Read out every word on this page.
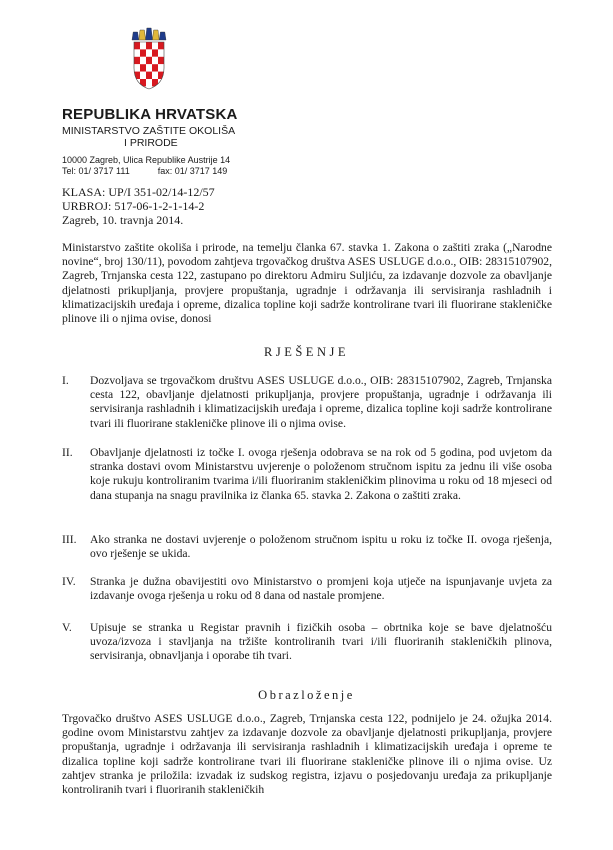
REPUBLIKA HRVATSKA
MINISTARSTVO ZAŠTITE OKOLIŠA
I PRIRODE
10000 Zagreb, Ulica Republike Austrije 14
Tel: 01/ 3717 111	fax: 01/ 3717 149
KLASA: UP/I 351-02/14-12/57
URBROJ: 517-06-1-2-1-14-2
Zagreb, 10. travnja 2014.
Ministarstvo zaštite okoliša i prirode, na temelju članka 67. stavka 1. Zakona o zaštiti zraka („Narodne novine“, broj 130/11), povodom zahtjeva trgovačkog društva ASES USLUGE d.o.o., OIB: 28315107902, Zagreb, Trnjanska cesta 122, zastupano po direktoru Admiru Suljiću, za izdavanje dozvole za obavljanje djelatnosti prikupljanja, provjere propuštanja, ugradnje i održavanja ili servisiranja rashladnih i klimatizacijskih uređaja i opreme, dizalica topline koji sadrže kontrolirane tvari ili fluorirane stakleničke plinove ili o njima ovise, donosi
RJEŠENJE
I.	Dozvoljava se trgovačkom društvu ASES USLUGE d.o.o., OIB: 28315107902, Zagreb, Trnjanska cesta 122, obavljanje djelatnosti prikupljanja, provjere propuštanja, ugradnje i održavanja ili servisiranja rashladnih i klimatizacijskih uređaja i opreme, dizalica topline koji sadrže kontrolirane tvari ili fluorirane stakleničke plinove ili o njima ovise.
II.	Obavljanje djelatnosti iz točke I. ovoga rješenja odobrava se na rok od 5 godina, pod uvjetom da stranka dostavi ovom Ministarstvu uvjerenje o položenom stručnom ispitu za jednu ili više osoba koje rukuju kontroliranim tvarima i/ili fluoriranim stakleničkim plinovima u roku od 18 mjeseci od dana stupanja na snagu pravilnika iz članka 65. stavka 2. Zakona o zaštiti zraka.
III.	Ako stranka ne dostavi uvjerenje o položenom stručnom ispitu u roku iz točke II. ovoga rješenja, ovo rješenje se ukida.
IV.	Stranka je dužna obavijestiti ovo Ministarstvo o promjeni koja utječe na ispunjavanje uvjeta za izdavanje ovoga rješenja u roku od 8 dana od nastale promjene.
V.	Upisuje se stranka u Registar pravnih i fizičkih osoba – obrtnika koje se bave djelatnošću uvoza/izvoza i stavljanja na tržište kontroliranih tvari i/ili fluoriranih stakleničkih plinova, servisiranja, obnavljanja i oporabe tih tvari.
Obrazloženje
Trgovačko društvo ASES USLUGE d.o.o., Zagreb, Trnjanska cesta 122, podnijelo je 24. ožujka 2014. godine ovom Ministarstvu zahtjev za izdavanje dozvole za obavljanje djelatnosti prikupljanja, provjere propuštanja, ugradnje i održavanja ili servisiranja rashladnih i klimatizacijskih uređaja i opreme te dizalica topline koji sadrže kontrolirane tvari ili fluorirane stakleničke plinove ili o njima ovise. Uz zahtjev stranka je priložila: izvadak iz sudskog registra, izjavu o posjedovanju uređaja za prikupljanje kontroliranih tvari i fluoriranih stakleničkih
